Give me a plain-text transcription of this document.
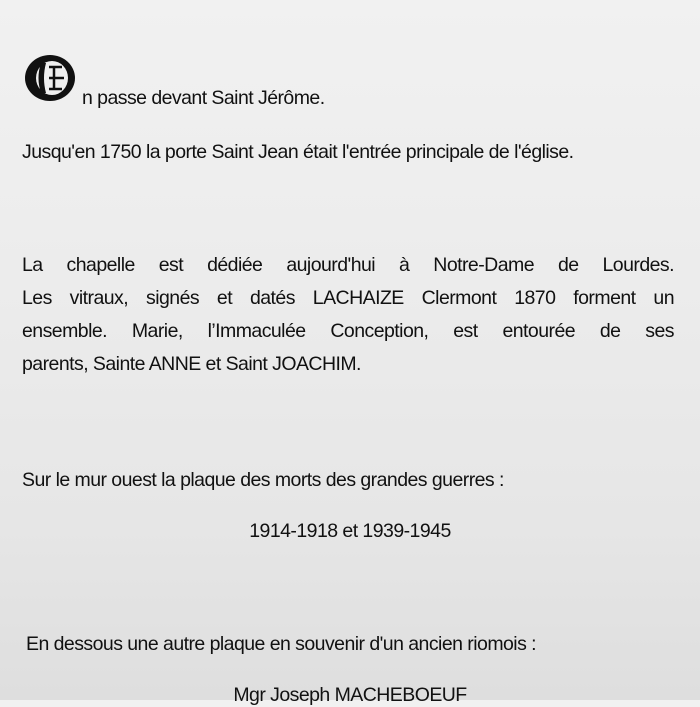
n passe devant Saint Jérôme.
Jusqu'en 1750 la porte Saint Jean était l'entrée principale de l'église.
La chapelle est dédiée aujourd'hui à Notre-Dame de Lourdes.
Les vitraux, signés et datés LACHAIZE Clermont 1870 forment un
ensemble. Marie, l’Immaculée Conception, est entourée de ses
parents, Sainte ANNE et Saint JOACHIM.
Sur le mur ouest la plaque des morts des grandes guerres :
1914-1918 et 1939-1945
En dessous une autre plaque en souvenir d'un ancien riomois :
Mgr Joseph MACHEBOEUF
